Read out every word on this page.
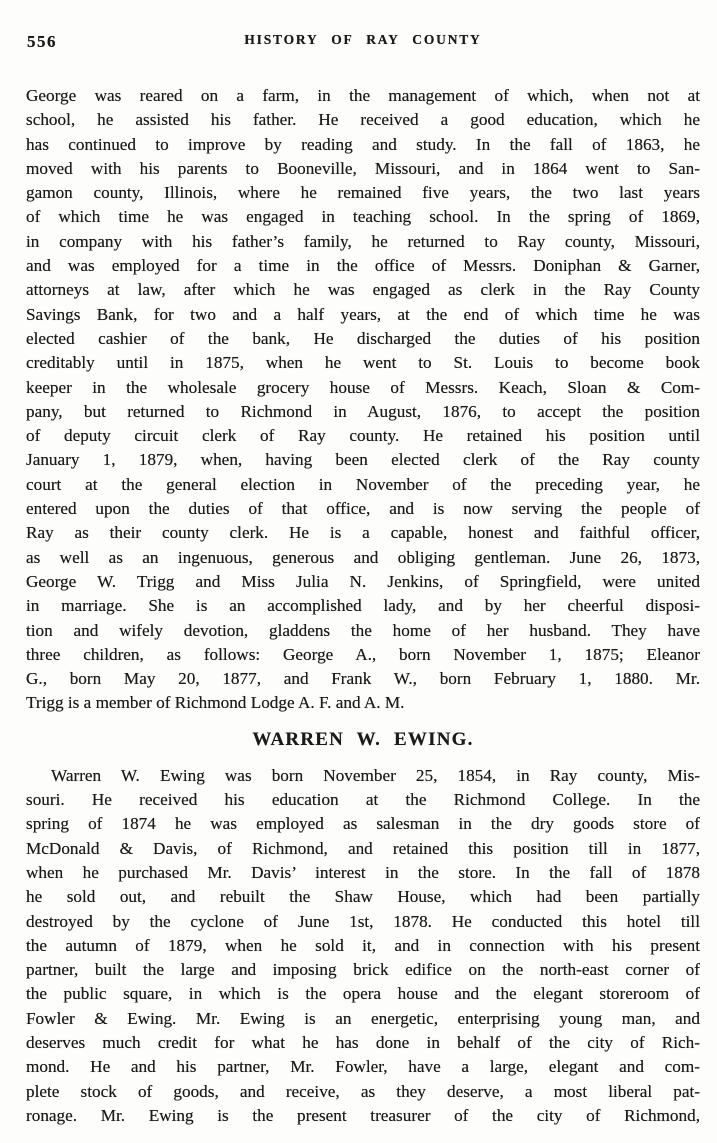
556	HISTORY OF RAY COUNTY
George was reared on a farm, in the management of which, when not at
school, he assisted his father. He received a good education, which he
has continued to improve by reading and study. In the fall of 1863, he
moved with his parents to Booneville, Missouri, and in 1864 went to San-
gamon county, Illinois, where he remained five years, the two last years
of which time he was engaged in teaching school. In the spring of 1869,
in company with his father’s family, he returned to Ray county, Missouri,
and was employed for a time in the office of Messrs. Doniphan & Garner,
attorneys at law, after which he was engaged as clerk in the Ray County
Savings Bank, for two and a half years, at the end of which time he was
elected cashier of the bank, He discharged the duties of his position
creditably until in 1875, when he went to St. Louis to become book
keeper in the wholesale grocery house of Messrs. Keach, Sloan & Com-
pany, but returned to Richmond in August, 1876, to accept the position
of deputy circuit clerk of Ray county. He retained his position until
January 1, 1879, when, having been elected clerk of the Ray county
court at the general election in November of the preceding year, he
entered upon the duties of that office, and is now serving the people of
Ray as their county clerk. He is a capable, honest and faithful officer,
as well as an ingenuous, generous and obliging gentleman. June 26, 1873,
George W. Trigg and Miss Julia N. Jenkins, of Springfield, were united
in marriage. She is an accomplished lady, and by her cheerful disposi-
tion and wifely devotion, gladdens the home of her husband. They have
three children, as follows: George A., born November 1, 1875; Eleanor
G., born May 20, 1877, and Frank W., born February 1, 1880. Mr.
Trigg is a member of Richmond Lodge A. F. and A. M.
WARREN W. EWING.
Warren W. Ewing was born November 25, 1854, in Ray county, Mis-
souri. He received his education at the Richmond College. In the
spring of 1874 he was employed as salesman in the dry goods store of
McDonald & Davis, of Richmond, and retained this position till in 1877,
when he purchased Mr. Davis’ interest in the store. In the fall of 1878
he sold out, and rebuilt the Shaw House, which had been partially
destroyed by the cyclone of June 1st, 1878. He conducted this hotel till
the autumn of 1879, when he sold it, and in connection with his present
partner, built the large and imposing brick edifice on the north-east corner of
the public square, in which is the opera house and the elegant storeroom of
Fowler & Ewing. Mr. Ewing is an energetic, enterprising young man, and
deserves much credit for what he has done in behalf of the city of Rich-
mond. He and his partner, Mr. Fowler, have a large, elegant and com-
plete stock of goods, and receive, as they deserve, a most liberal pat-
ronage. Mr. Ewing is the present treasurer of the city of Richmond,
